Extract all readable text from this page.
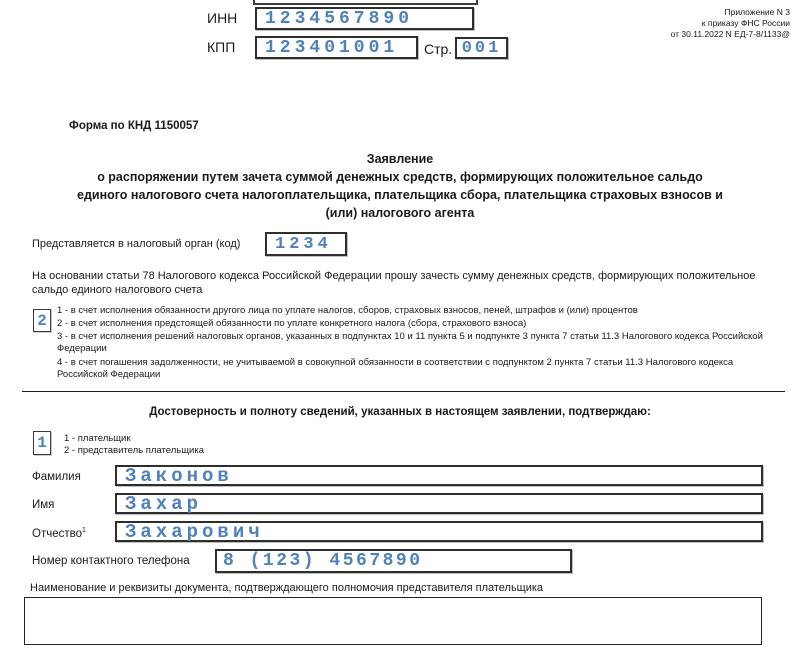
ИНН	1234567890
КПП	123401001 Стр. 001
Приложение N 3
к приказу ФНС России
от 30.11.2022 N ЕД-7-8/1133@
Форма по КНД 1150057
Заявление
о распоряжении путем зачета суммой денежных средств, формирующих положительное сальдо
единого налогового счета налогоплательщика, плательщика сбора, плательщика страховых взносов и
(или) налогового агента
Представляется в налоговый орган (код)	1234
На основании статьи 78 Налогового кодекса Российской Федерации прошу зачесть сумму денежных средств, формирующих положительное сальдо единого налогового счета
2
1 - в счет исполнения обязанности другого лица по уплате налогов, сборов, страховых взносов, пеней, штрафов и (или) процентов
2 - в счет исполнения предстоящей обязанности по уплате конкретного налога (сбора, страхового взноса)
3 - в счет исполнения решений налоговых органов, указанных в подпунктах 10 и 11 пункта 5 и подпункте 3 пункта 7 статьи 11.3 Налогового кодекса Российской Федерации
4 - в счет погашения задолженности, не учитываемой в совокупной обязанности в соответствии с подпунктом 2 пункта 7 статьи 11.3 Налогового кодекса Российской Федерации
Достоверность и полноту сведений, указанных в настоящем заявлении, подтверждаю:
1 1 - плательщик
2 - представитель плательщика
Фамилия	Законов
Имя	Захар
Отчество$^1$	Захарович
Номер контактного телефона	8 (123) 4567890
Наименование и реквизиты документа, подтверждающего полномочия представителя плательщика
